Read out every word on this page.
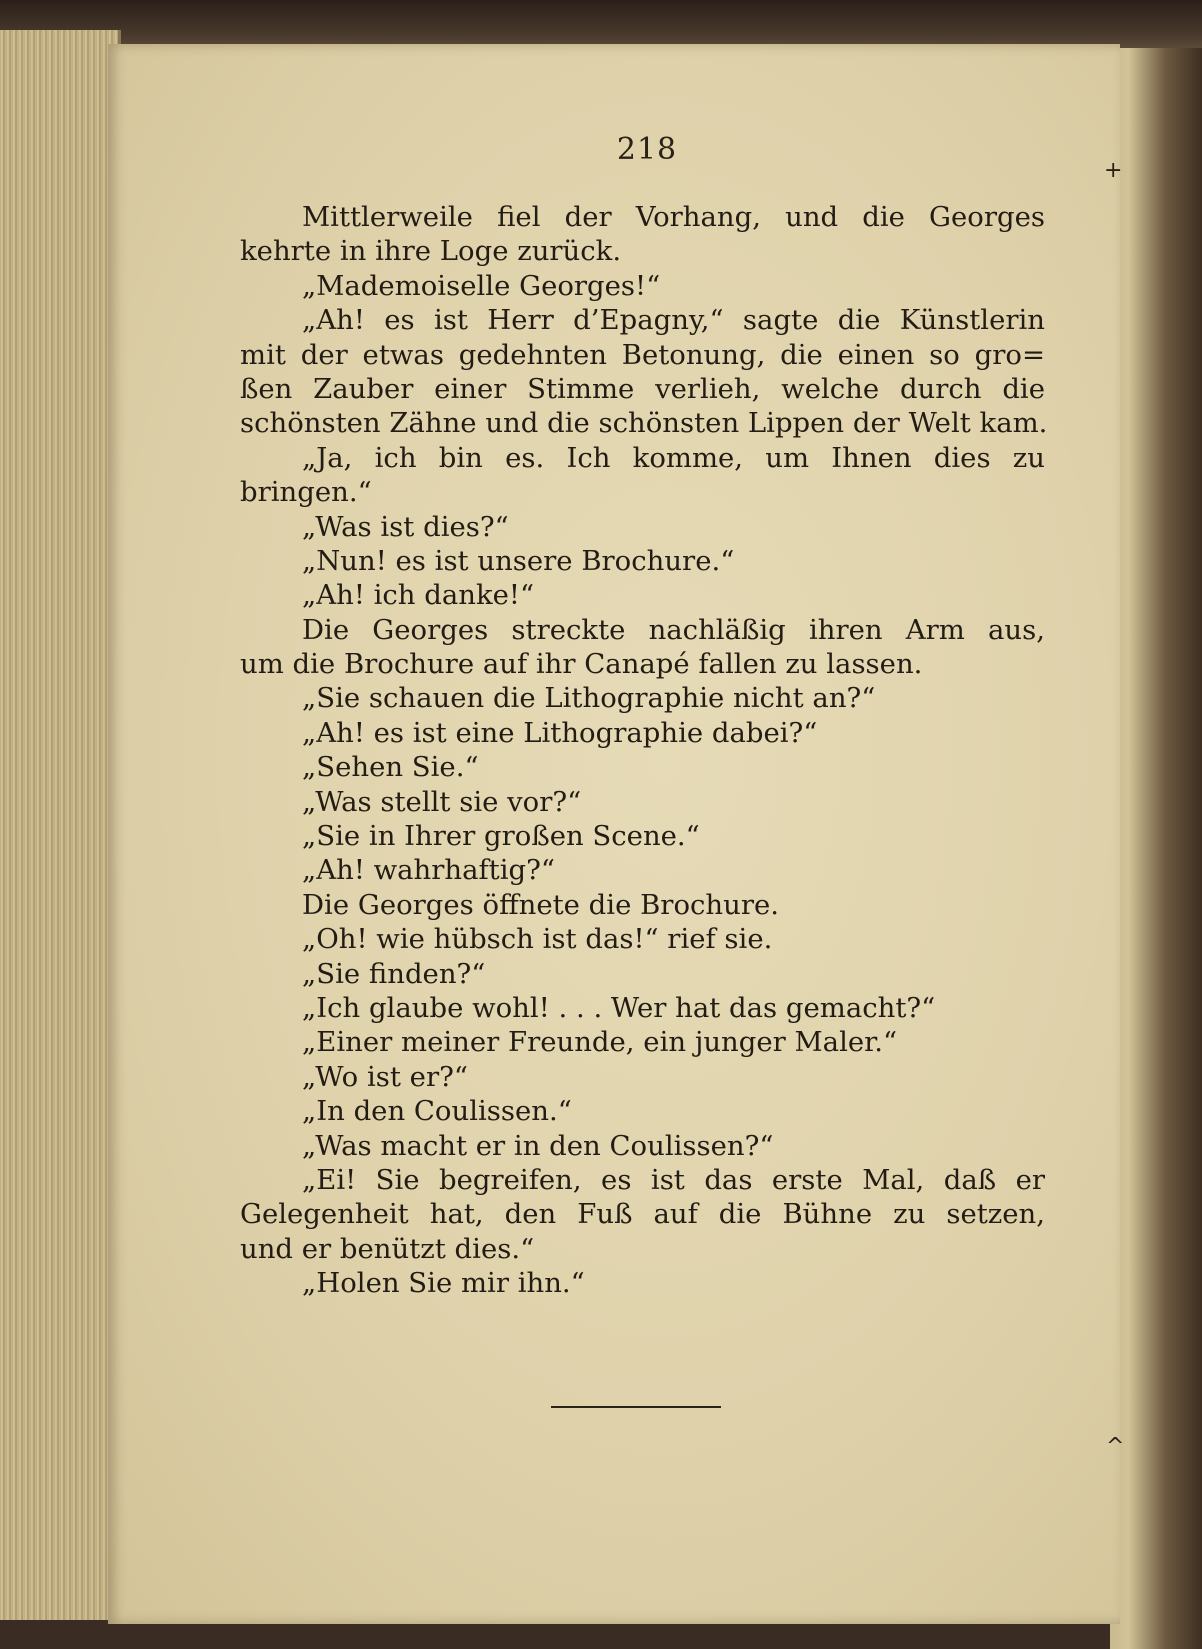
218
Mittlerweile fiel der Vorhang, und die Georges
kehrte in ihre Loge zurück.
„Mademoiselle Georges!“
„Ah! es ist Herr d’Epagny,“ sagte die Künstlerin
mit der etwas gedehnten Betonung, die einen so gro=
ßen Zauber einer Stimme verlieh, welche durch die
schönsten Zähne und die schönsten Lippen der Welt kam.
„Ja, ich bin es. Ich komme, um Ihnen dies zu
bringen.“
„Was ist dies?“
„Nun! es ist unsere Brochure.“
„Ah! ich danke!“
Die Georges streckte nachläßig ihren Arm aus,
um die Brochure auf ihr Canapé fallen zu lassen.
„Sie schauen die Lithographie nicht an?“
„Ah! es ist eine Lithographie dabei?“
„Sehen Sie.“
„Was stellt sie vor?“
„Sie in Ihrer großen Scene.“
„Ah! wahrhaftig?“
Die Georges öffnete die Brochure.
„Oh! wie hübsch ist das!“ rief sie.
„Sie finden?“
„Ich glaube wohl! . . . Wer hat das gemacht?“
„Einer meiner Freunde, ein junger Maler.“
„Wo ist er?“
„In den Coulissen.“
„Was macht er in den Coulissen?“
„Ei! Sie begreifen, es ist das erste Mal, daß er
Gelegenheit hat, den Fuß auf die Bühne zu setzen,
und er benützt dies.“
„Holen Sie mir ihn.“
+
^
